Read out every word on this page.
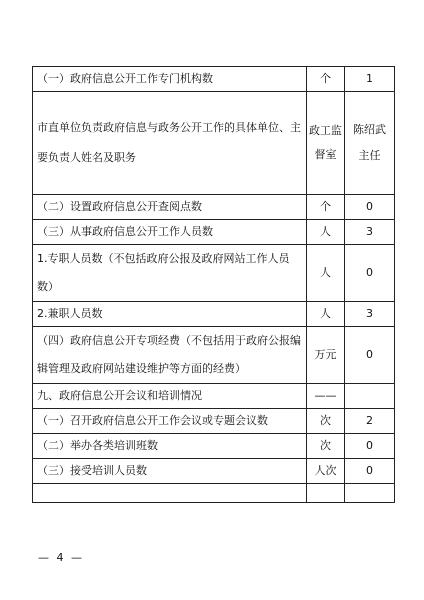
（一）政府信息公开工作专门机构数	个	1
市直单位负责政府信息与政务公开工作的具体单位、主要负责人姓名及职务	政工监督室	陈绍武主任
（二）设置政府信息公开查阅点数	个	0
（三）从事政府信息公开工作人员数	人	3
1.专职人员数（不包括政府公报及政府网站工作人员数）	人	0
2.兼职人员数	人	3
（四）政府信息公开专项经费（不包括用于政府公报编辑管理及政府网站建设维护等方面的经费）	万元	0
九、政府信息公开会议和培训情况	——	
（一）召开政府信息公开工作会议或专题会议数	次	2
（二）举办各类培训班数	次	0
（三）接受培训人员数	人次	0

— 4 —
